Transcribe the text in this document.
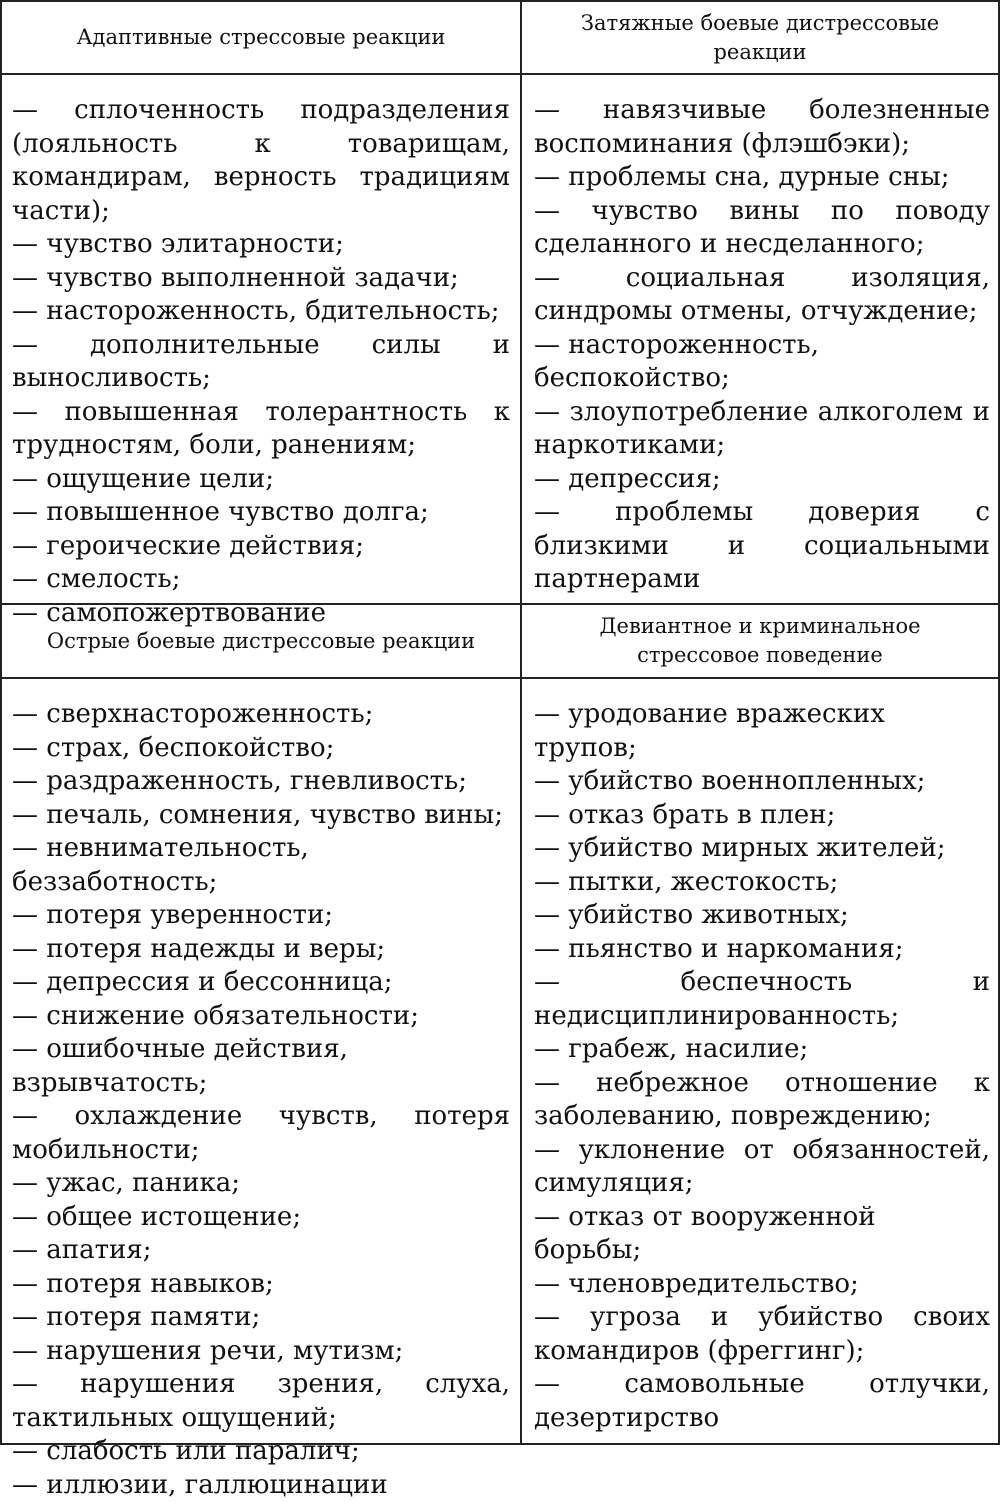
Адаптивные стрессовые реакции
Затяжные боевые дистрессовые реакции
Острые боевые дистрессовые реакции
Девиантное и криминальное стрессовое поведение
— сплоченность подразделения (лояльность к товарищам, командирам, верность традициям части);
— чувство элитарности;
— чувство выполненной задачи;
— настороженность, бдительность;
— дополнительные силы и выносливость;
— повышенная толерантность к трудностям, боли, ранениям;
— ощущение цели;
— повышенное чувство долга;
— героические действия;
— смелость;
— самопожертвование
— навязчивые болезненные воспоминания (флэшбэки);
— проблемы сна, дурные сны;
— чувство вины по поводу сделанного и несделанного;
— социальная изоляция, синдромы отмены, отчуждение;
— настороженность, беспокойство;
— злоупотребление алкоголем и наркотиками;
— депрессия;
— проблемы доверия с близкими и социальными партнерами
— сверхнастороженность;
— страх, беспокойство;
— раздраженность, гневливость;
— печаль, сомнения, чувство вины;
— невнимательность, беззаботность;
— потеря уверенности;
— потеря надежды и веры;
— депрессия и бессонница;
— снижение обязательности;
— ошибочные действия, взрывчатость;
— охлаждение чувств, потеря мобильности;
— ужас, паника;
— общее истощение;
— апатия;
— потеря навыков;
— потеря памяти;
— нарушения речи, мутизм;
— нарушения зрения, слуха, тактильных ощущений;
— слабость или паралич;
— иллюзии, галлюцинации
— уродование вражеских трупов;
— убийство военнопленных;
— отказ брать в плен;
— убийство мирных жителей;
— пытки, жестокость;
— убийство животных;
— пьянство и наркомания;
— беспечность и недисциплинированность;
— грабеж, насилие;
— небрежное отношение к заболеванию, повреждению;
— уклонение от обязанностей, симуляция;
— отказ от вооруженной борьбы;
— членовредительство;
— угроза и убийство своих командиров (фреггинг);
— самовольные отлучки, дезертирство
